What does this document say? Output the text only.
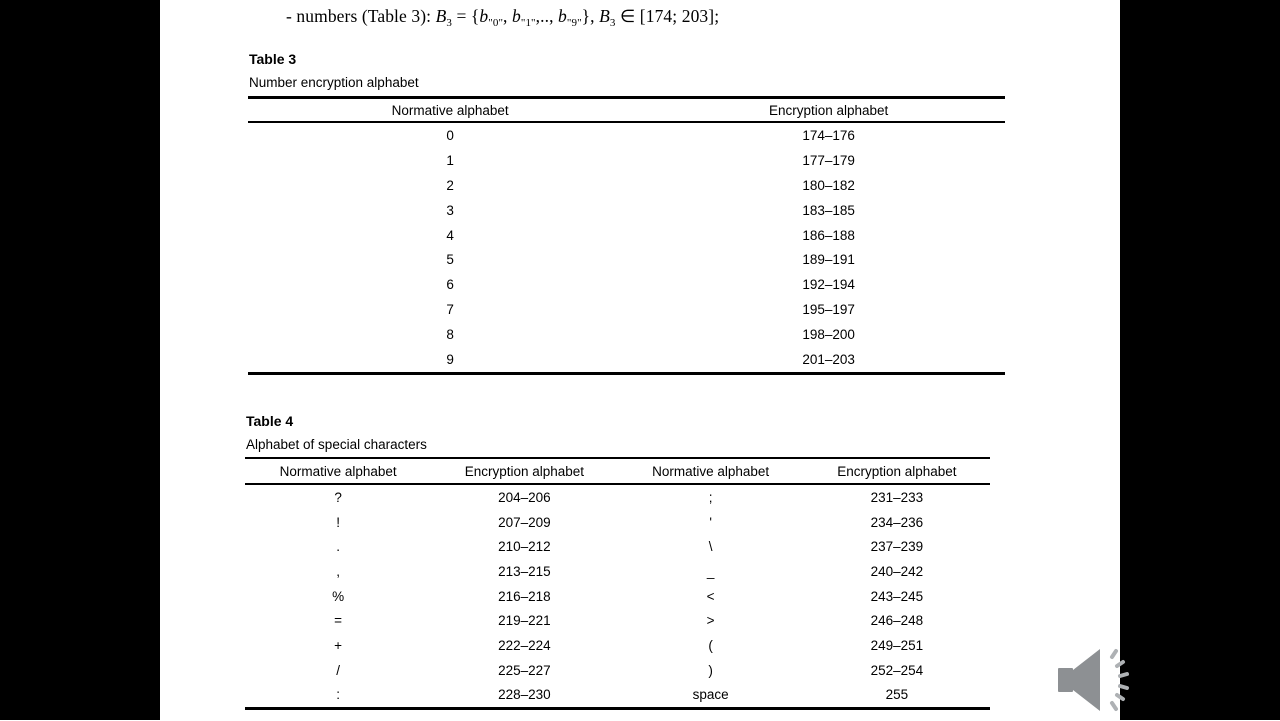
- numbers (Table 3): $B_3 = \{b_{"0"}$, $b_{"1"}$,.., $b_{"9"}$}, $B_3$ ∈ [174; 203];
Table 3
Number encryption alphabet
Normative alphabet	Encryption alphabet
0	174–176
1	177–179
2	180–182
3	183–185
4	186–188
5	189–191
6	192–194
7	195–197
8	198–200
9	201–203
Table 4
Alphabet of special characters
Normative alphabet	Encryption alphabet	Normative alphabet	Encryption alphabet
?	204–206	;	231–233
!	207–209	'	234–236
.	210–212	\	237–239
,	213–215	_	240–242
%	216–218	<	243–245
=	219–221	>	246–248
+	222–224	(	249–251
/	225–227	)	252–254
:	228–230	space	255
